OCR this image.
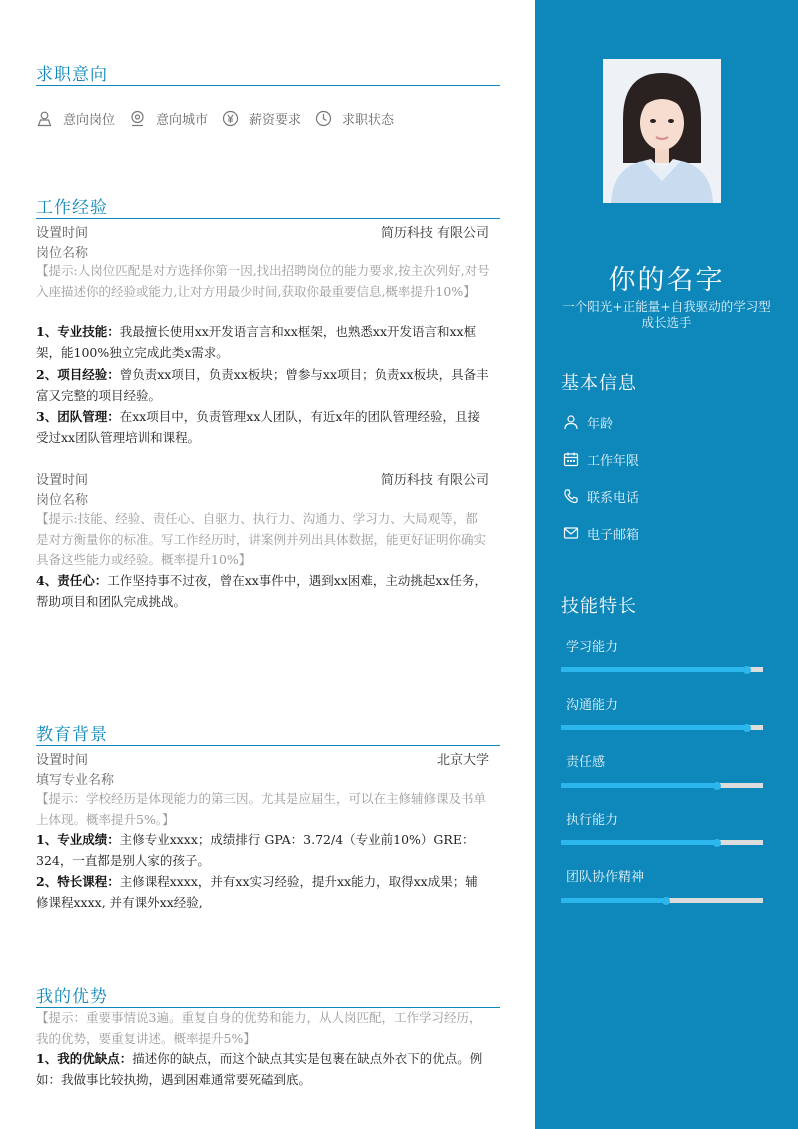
求职意向
意向岗位	意向城市	薪资要求	求职状态
工作经验
设置时间	简历科技 有限公司
岗位名称
【提示:人岗位匹配是对方选择你第一因,找出招聘岗位的能力要求,按主次列好,对号入座描述你的经验或能力,让对方用最少时间,获取你最重要信息,概率提升10%】
1、专业技能：我最擅长使用xx开发语言言和xx框架，也熟悉xx开发语言和xx框架，能100%独立完成此类x需求。
2、项目经验：曾负责xx项目，负责xx板块；曾参与xx项目；负责xx板块，具备丰富又完整的项目经验。
3、团队管理：在xx项目中，负责管理xx人团队，有近x年的团队管理经验，且接受过xx团队管理培训和课程。
设置时间	简历科技 有限公司
岗位名称
【提示:技能、经验、责任心、自驱力、执行力、沟通力、学习力、大局观等，都是对方衡量你的标准。写工作经历时，讲案例并列出具体数据，能更好证明你确实具备这些能力或经验。概率提升10%】
4、责任心：工作坚持事不过夜，曾在xx事件中，遇到xx困难，主动挑起xx任务，帮助项目和团队完成挑战。
教育背景
设置时间	北京大学
填写专业名称
【提示：学校经历是体现能力的第三因。尤其是应届生，可以在主修辅修课及书单上体现。概率提升5%。】
1、专业成绩：主修专业xxxx；成绩排行 GPA：3.72/4（专业前10%）GRE：324，一直都是别人家的孩子。
2、特长课程：主修课程xxxx，并有xx实习经验，提升xx能力，取得xx成果；辅修课程xxxx, 并有课外xx经验,
我的优势
【提示：重要事情说3遍。重复自身的优势和能力，从人岗匹配，工作学习经历，我的优势，要重复讲述。概率提升5%】
1、我的优缺点：描述你的缺点，而这个缺点其实是包裹在缺点外衣下的优点。例如：我做事比较执拗，遇到困难通常要死磕到底。
你的名字
一个阳光+正能量+自我驱动的学习型成长选手
基本信息
年龄
工作年限
联系电话
电子邮箱
技能特长
学习能力
沟通能力
责任感
执行能力
团队协作精神
